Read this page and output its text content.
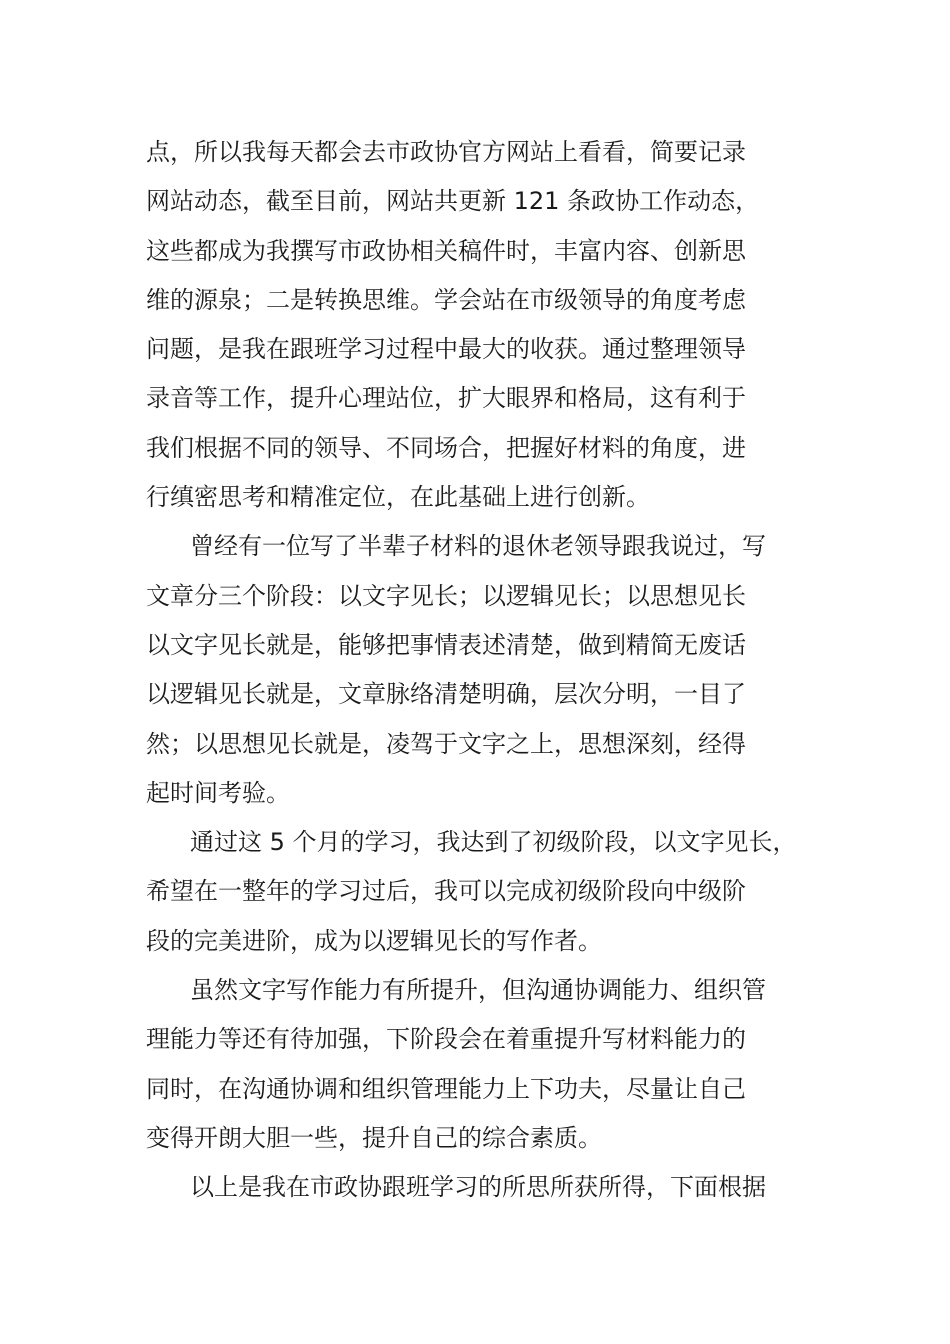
点，所以我每天都会去市政协官方网站上看看，简要记录
网站动态，截至目前，网站共更新 121 条政协工作动态，
这些都成为我撰写市政协相关稿件时，丰富内容、创新思
维的源泉；二是转换思维。学会站在市级领导的角度考虑
问题，是我在跟班学习过程中最大的收获。通过整理领导
录音等工作，提升心理站位，扩大眼界和格局，这有利于
我们根据不同的领导、不同场合，把握好材料的角度，进
行缜密思考和精准定位，在此基础上进行创新。
曾经有一位写了半辈子材料的退休老领导跟我说过，写
文章分三个阶段：以文字见长；以逻辑见长；以思想见长
以文字见长就是，能够把事情表述清楚，做到精简无废话
以逻辑见长就是，文章脉络清楚明确，层次分明，一目了
然；以思想见长就是，凌驾于文字之上，思想深刻，经得
起时间考验。
通过这 5 个月的学习，我达到了初级阶段，以文字见长，
希望在一整年的学习过后，我可以完成初级阶段向中级阶
段的完美进阶，成为以逻辑见长的写作者。
虽然文字写作能力有所提升，但沟通协调能力、组织管
理能力等还有待加强，下阶段会在着重提升写材料能力的
同时，在沟通协调和组织管理能力上下功夫，尽量让自己
变得开朗大胆一些，提升自己的综合素质。
以上是我在市政协跟班学习的所思所获所得，下面根据
